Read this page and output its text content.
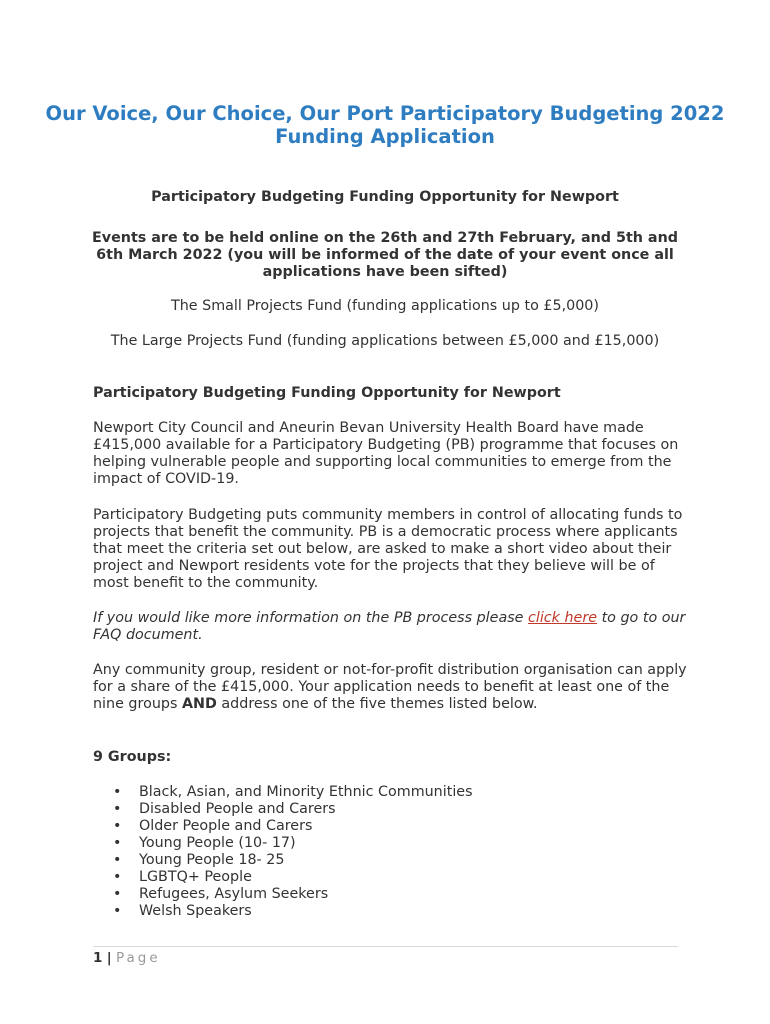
Our Voice, Our Choice, Our Port Participatory Budgeting 2022 Funding Application

Participatory Budgeting Funding Opportunity for Newport

Events are to be held online on the 26th and 27th February, and 5th and 6th March 2022 (you will be informed of the date of your event once all applications have been sifted)

The Small Projects Fund (funding applications up to £5,000)

The Large Projects Fund (funding applications between £5,000 and £15,000)

Participatory Budgeting Funding Opportunity for Newport

Newport City Council and Aneurin Bevan University Health Board have made £415,000 available for a Participatory Budgeting (PB) programme that focuses on helping vulnerable people and supporting local communities to emerge from the impact of COVID-19.

Participatory Budgeting puts community members in control of allocating funds to projects that benefit the community. PB is a democratic process where applicants that meet the criteria set out below, are asked to make a short video about their project and Newport residents vote for the projects that they believe will be of most benefit to the community.

If you would like more information on the PB process please click here to go to our FAQ document.

Any community group, resident or not-for-profit distribution organisation can apply for a share of the £415,000. Your application needs to benefit at least one of the nine groups AND address one of the five themes listed below.

9 Groups:

• Black, Asian, and Minority Ethnic Communities
• Disabled People and Carers
• Older People and Carers
• Young People (10- 17)
• Young People 18- 25
• LGBTQ+ People
• Refugees, Asylum Seekers
• Welsh Speakers
1 | Page
